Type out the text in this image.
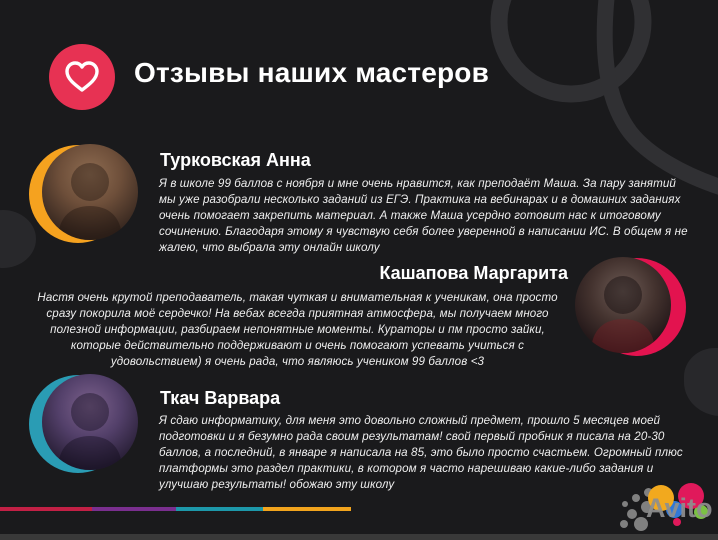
Отзывы наших мастеров
Турковская Анна
Я в школе 99 баллов с ноября и мне очень нравится, как преподаёт Маша. За пару занятий мы уже разобрали несколько заданий из ЕГЭ. Практика на вебинарах и в домашних заданиях очень помогает закрепить материал. А также Маша усердно готовит нас к итоговому сочинению. Благодаря этому я чувствую себя более уверенной в написании ИС. В общем я не жалею, что выбрала эту онлайн школу
Кашапова Маргарита
Настя очень крутой преподаватель, такая чуткая и внимательная к ученикам, она просто сразу покорила моё сердечко! На вебах всегда приятная атмосфера, мы получаем много полезной информации, разбираем непонятные моменты. Кураторы и пм просто зайки, которые действительно поддерживают и очень помогают успевать учиться с удовольствием) я очень рада, что являюсь учеником 99 баллов <3
Ткач Варвара
Я сдаю информатику, для меня это довольно сложный предмет, прошло 5 месяцев моей подготовки и я безумно рада своим результатам! свой первый пробник я писала на 20-30 баллов, а последний, в январе я написала на 85, это было просто счастьем. Огромный плюс платформы это раздел практики, в котором я часто нарешиваю какие-либо задания и улучшаю результаты! обожаю эту школу
Avito
